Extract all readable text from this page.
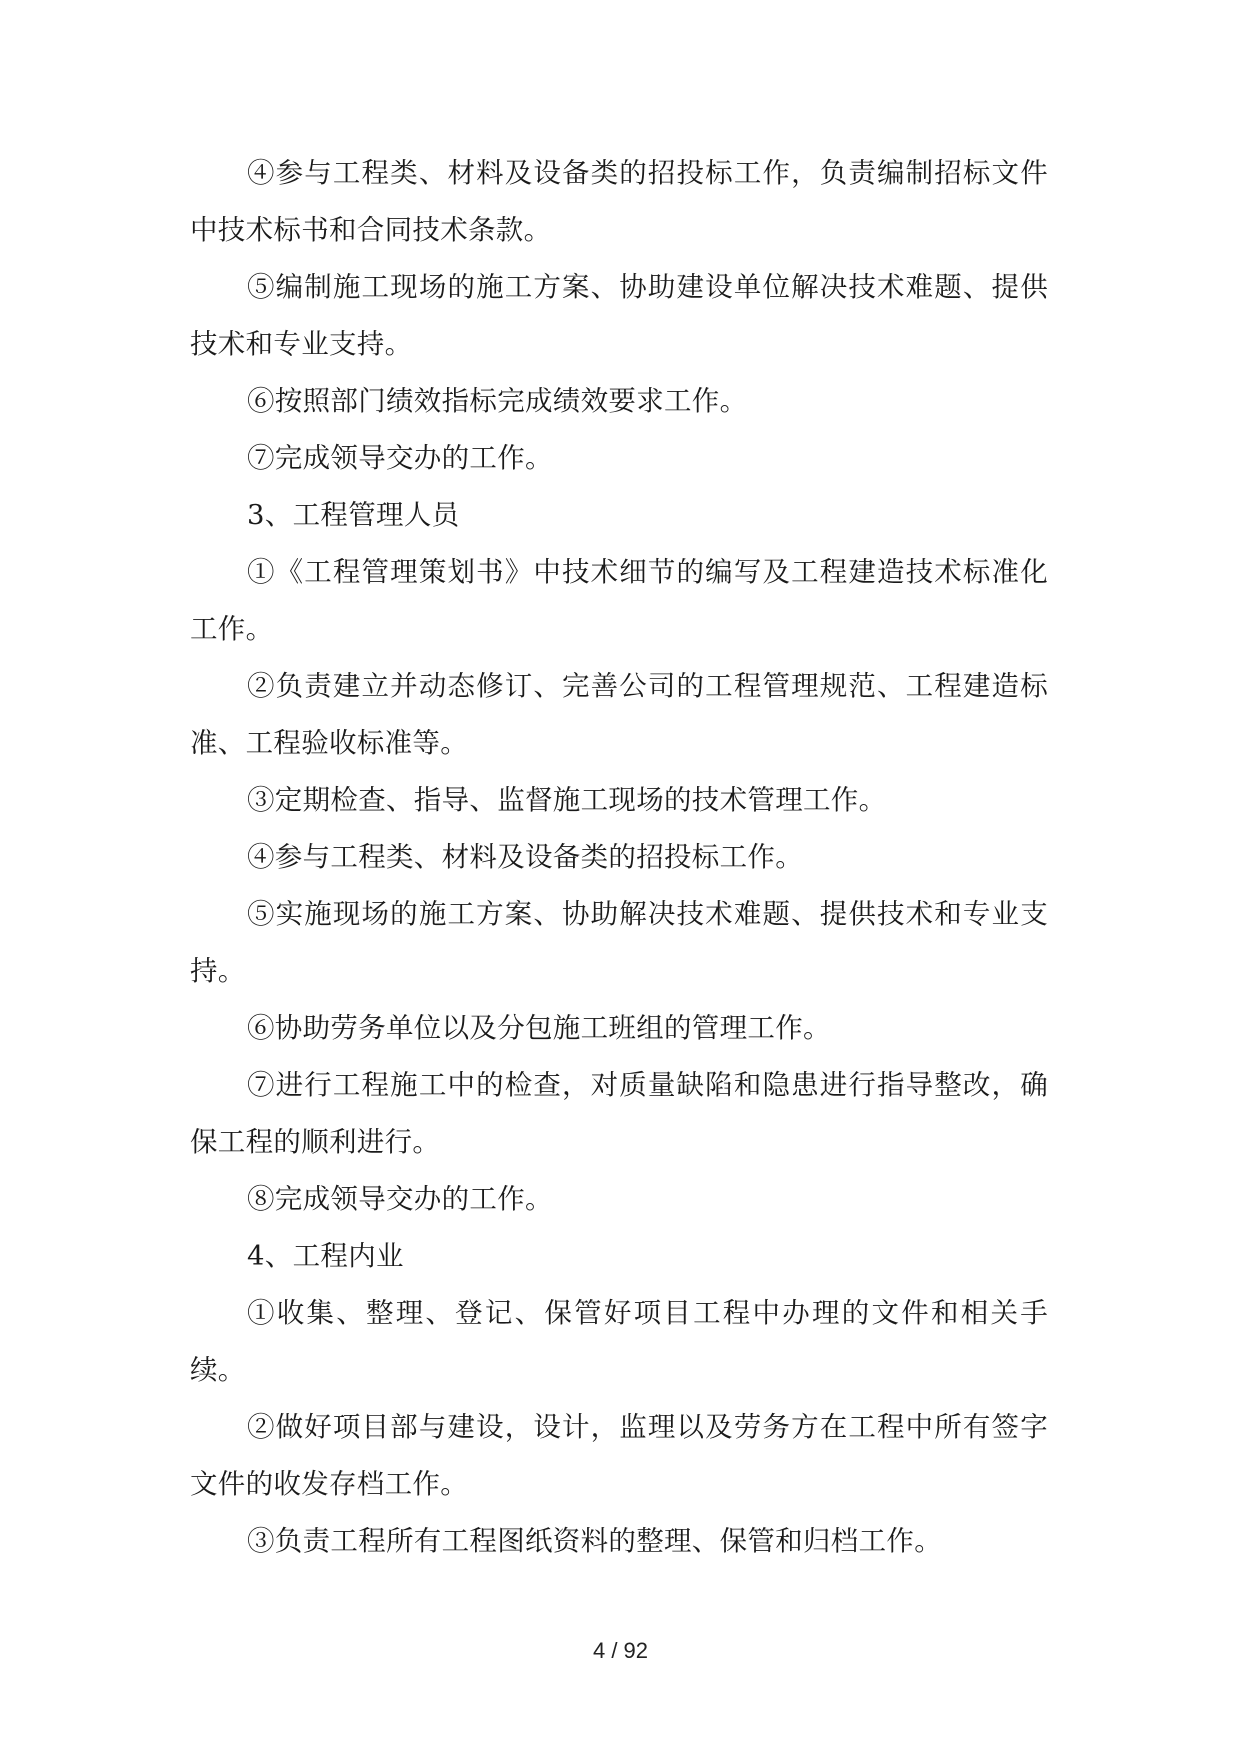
④参与工程类、材料及设备类的招投标工作，负责编制招标文件中技术标书和合同技术条款。

⑤编制施工现场的施工方案、协助建设单位解决技术难题、提供技术和专业支持。

⑥按照部门绩效指标完成绩效要求工作。

⑦完成领导交办的工作。

3、工程管理人员

①《工程管理策划书》中技术细节的编写及工程建造技术标准化工作。

②负责建立并动态修订、完善公司的工程管理规范、工程建造标准、工程验收标准等。

③定期检查、指导、监督施工现场的技术管理工作。

④参与工程类、材料及设备类的招投标工作。

⑤实施现场的施工方案、协助解决技术难题、提供技术和专业支持。

⑥协助劳务单位以及分包施工班组的管理工作。

⑦进行工程施工中的检查，对质量缺陷和隐患进行指导整改，确保工程的顺利进行。

⑧完成领导交办的工作。

4、工程内业

①收集、整理、登记、保管好项目工程中办理的文件和相关手续。

②做好项目部与建设，设计，监理以及劳务方在工程中所有签字文件的收发存档工作。

③负责工程所有工程图纸资料的整理、保管和归档工作。

4 / 92
